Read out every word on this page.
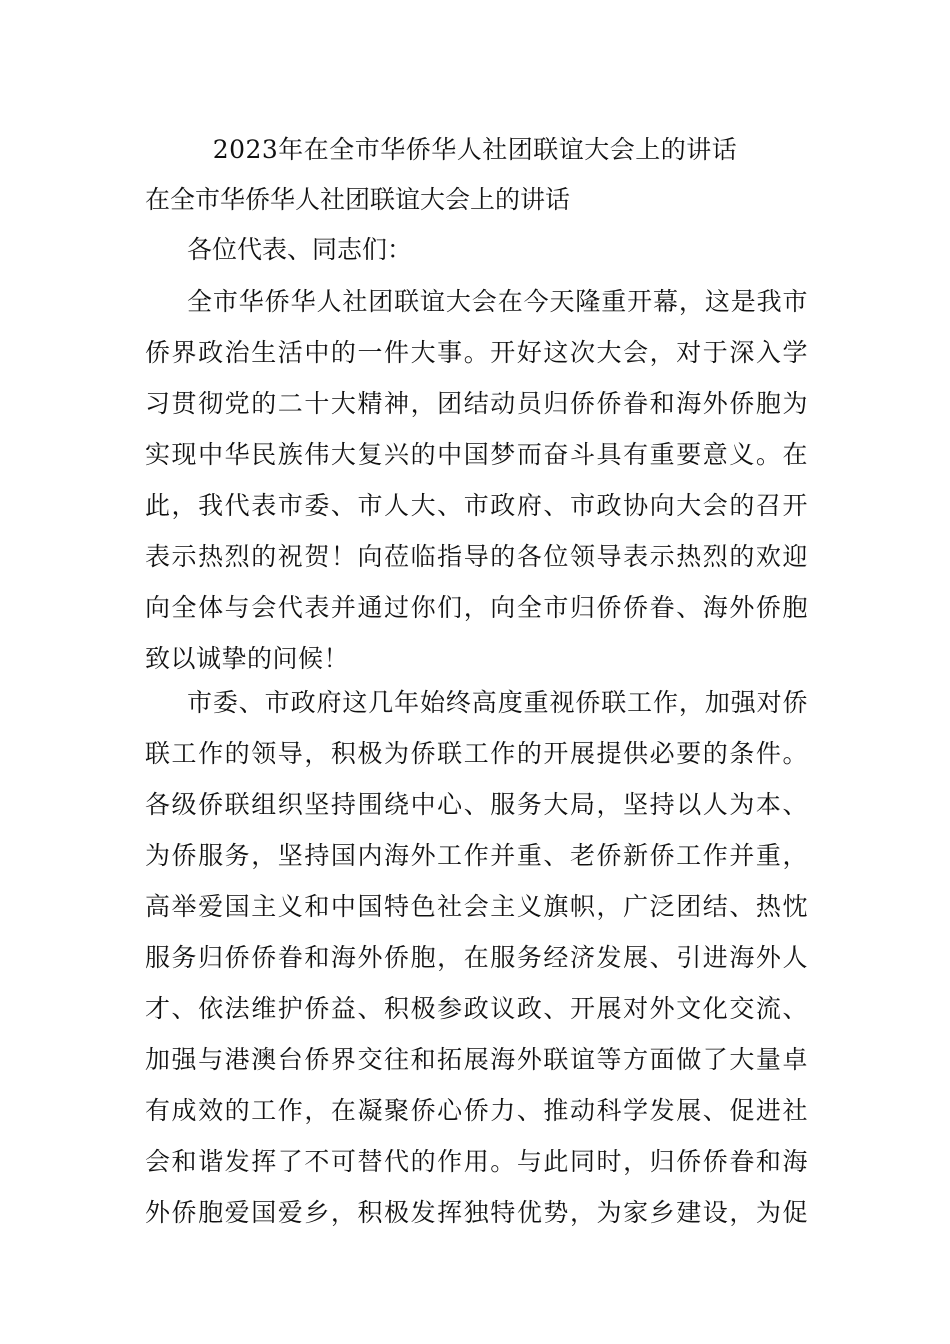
2023年在全市华侨华人社团联谊大会上的讲话
在全市华侨华人社团联谊大会上的讲话
各位代表、同志们：
全市华侨华人社团联谊大会在今天隆重开幕，这是我市
侨界政治生活中的一件大事。开好这次大会，对于深入学
习贯彻党的二十大精神，团结动员归侨侨眷和海外侨胞为
实现中华民族伟大复兴的中国梦而奋斗具有重要意义。在
此，我代表市委、市人大、市政府、市政协向大会的召开
表示热烈的祝贺！向莅临指导的各位领导表示热烈的欢迎
向全体与会代表并通过你们，向全市归侨侨眷、海外侨胞
致以诚挚的问候！
市委、市政府这几年始终高度重视侨联工作，加强对侨
联工作的领导，积极为侨联工作的开展提供必要的条件。
各级侨联组织坚持围绕中心、服务大局，坚持以人为本、
为侨服务，坚持国内海外工作并重、老侨新侨工作并重，
高举爱国主义和中国特色社会主义旗帜，广泛团结、热忱
服务归侨侨眷和海外侨胞，在服务经济发展、引进海外人
才、依法维护侨益、积极参政议政、开展对外文化交流、
加强与港澳台侨界交往和拓展海外联谊等方面做了大量卓
有成效的工作，在凝聚侨心侨力、推动科学发展、促进社
会和谐发挥了不可替代的作用。与此同时，归侨侨眷和海
外侨胞爱国爱乡，积极发挥独特优势，为家乡建设，为促
